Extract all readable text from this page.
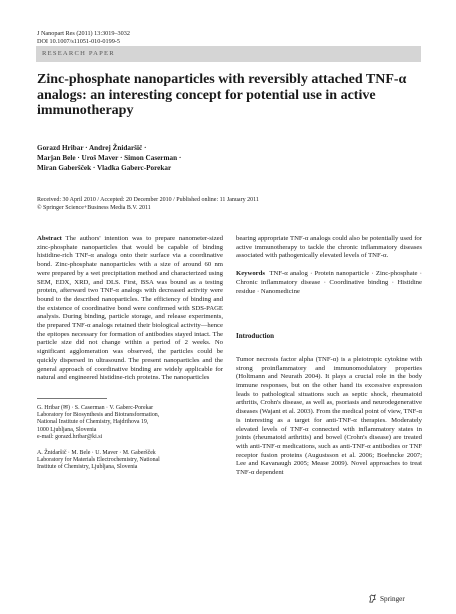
J Nanopart Res (2011) 13:3019–3032
DOI 10.1007/s11051-010-0199-5
RESEARCH PAPER
Zinc-phosphate nanoparticles with reversibly attached TNF-α analogs: an interesting concept for potential use in active immunotherapy
Gorazd Hribar · Andrej Žnidaršič ·
Marjan Bele · Uroš Maver · Simon Caserman ·
Miran Gaberšček · Vladka Gaberc-Porekar
Received: 30 April 2010 / Accepted: 20 December 2010 / Published online: 11 January 2011
© Springer Science+Business Media B.V. 2011

Abstract The authors' intention was to prepare nanometer-sized zinc-phosphate nanoparticles that would be capable of binding histidine-rich TNF-α analogs onto their surface via a coordinative bond. Zinc-phosphate nanoparticles with a size of around 60 nm were prepared by a wet precipitation method and characterized using SEM, EDX, XRD, and DLS. First, BSA was bound as a testing protein, afterward two TNF-α analogs with decreased activity were bound to the described nanoparticles. The efficiency of binding and the existence of coordinative bond were confirmed with SDS-PAGE analysis. During binding, particle storage, and release experiments, the prepared TNF-α analogs retained their biological activity—hence the epitopes necessary for formation of antibodies stayed intact. The particle size did not change within a period of 2 weeks. No significant agglomeration was observed, the particles could be quickly dispersed in ultrasound. The present nanoparticles and the general approach of coordinative binding are widely applicable for natural and engineered histidine-rich proteins. The nanoparticles

G. Hribar (✉) · S. Caserman · V. Gaberc-Porekar
Laboratory for Biosynthesis and Biotransformation,
National Institute of Chemistry, Hajdrihova 19,
1000 Ljubljana, Slovenia
e-mail: gorazd.hribar@ki.si
A. Žnidaršič · M. Bele · U. Maver · M. Gaberšček
Laboratory for Materials Electrochemistry, National
Institute of Chemistry, Ljubljana, Slovenia

bearing appropriate TNF-α analogs could also be potentially used for active immunotherapy to tackle the chronic inflammatory diseases associated with pathogenically elevated levels of TNF-α.

Keywords TNF-α analog · Protein nanoparticle · Zinc-phosphate · Chronic inflammatory disease · Coordinative binding · Histidine residue · Nanomedicine

Introduction

Tumor necrosis factor alpha (TNF-α) is a pleiotropic cytokine with strong proinflammatory and immunomodulatory properties (Holtmann and Neurath 2004). It plays a crucial role in the body immune responses, but on the other hand its excessive expression leads to pathological situations such as septic shock, rheumatoid arthritis, Crohn's disease, as well as, psoriasis and neurodegenerative diseases (Wajant et al. 2003). From the medical point of view, TNF-α is interesting as a target for anti-TNF-α therapies. Moderately elevated levels of TNF-α connected with inflammatory states in joints (rheumatoid arthritis) and bowel (Crohn's disease) are treated with anti-TNF-α medications, such as anti-TNF-α antibodies or TNF receptor fusion proteins (Augustsson et al. 2006; Boehncke 2007; Lee and Kavanaugh 2005; Mease 2009). Novel approaches to treat TNF-α dependent

Springer
